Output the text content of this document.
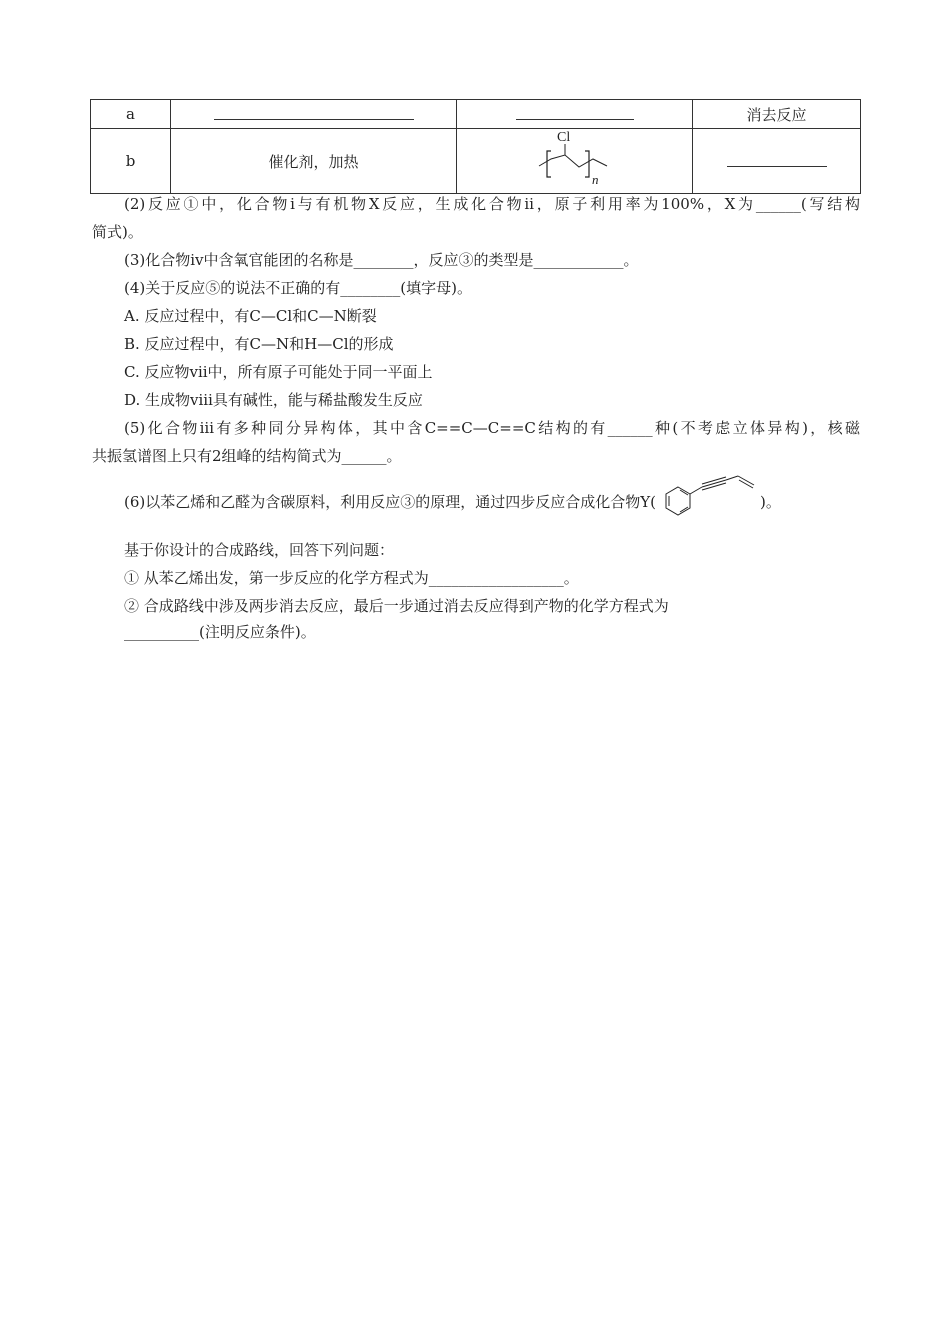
a			消去反应
b	催化剂，加热	Cl
n	

(2)反应①中，化合物ⅰ与有机物X反应，生成化合物ⅱ，原子利用率为100%，X为______(写结构
简式)。
(3)化合物ⅳ中含氧官能团的名称是________，反应③的类型是____________。
(4)关于反应⑤的说法不正确的有________(填字母)。
A. 反应过程中，有C—Cl和C—N断裂
B. 反应过程中，有C—N和H—Cl的形成
C. 反应物ⅶ中，所有原子可能处于同一平面上
D. 生成物ⅷ具有碱性，能与稀盐酸发生反应
(5)化合物ⅲ有多种同分异构体，其中含C==C—C==C结构的有______种(不考虑立体异构)，核磁
共振氢谱图上只有2组峰的结构简式为______。
(6)以苯乙烯和乙醛为含碳原料，利用反应③的原理，通过四步反应合成化合物Y(	)。
基于你设计的合成路线，回答下列问题：
① 从苯乙烯出发，第一步反应的化学方程式为__________________。
② 合成路线中涉及两步消去反应，最后一步通过消去反应得到产物的化学方程式为
__________(注明反应条件)。
